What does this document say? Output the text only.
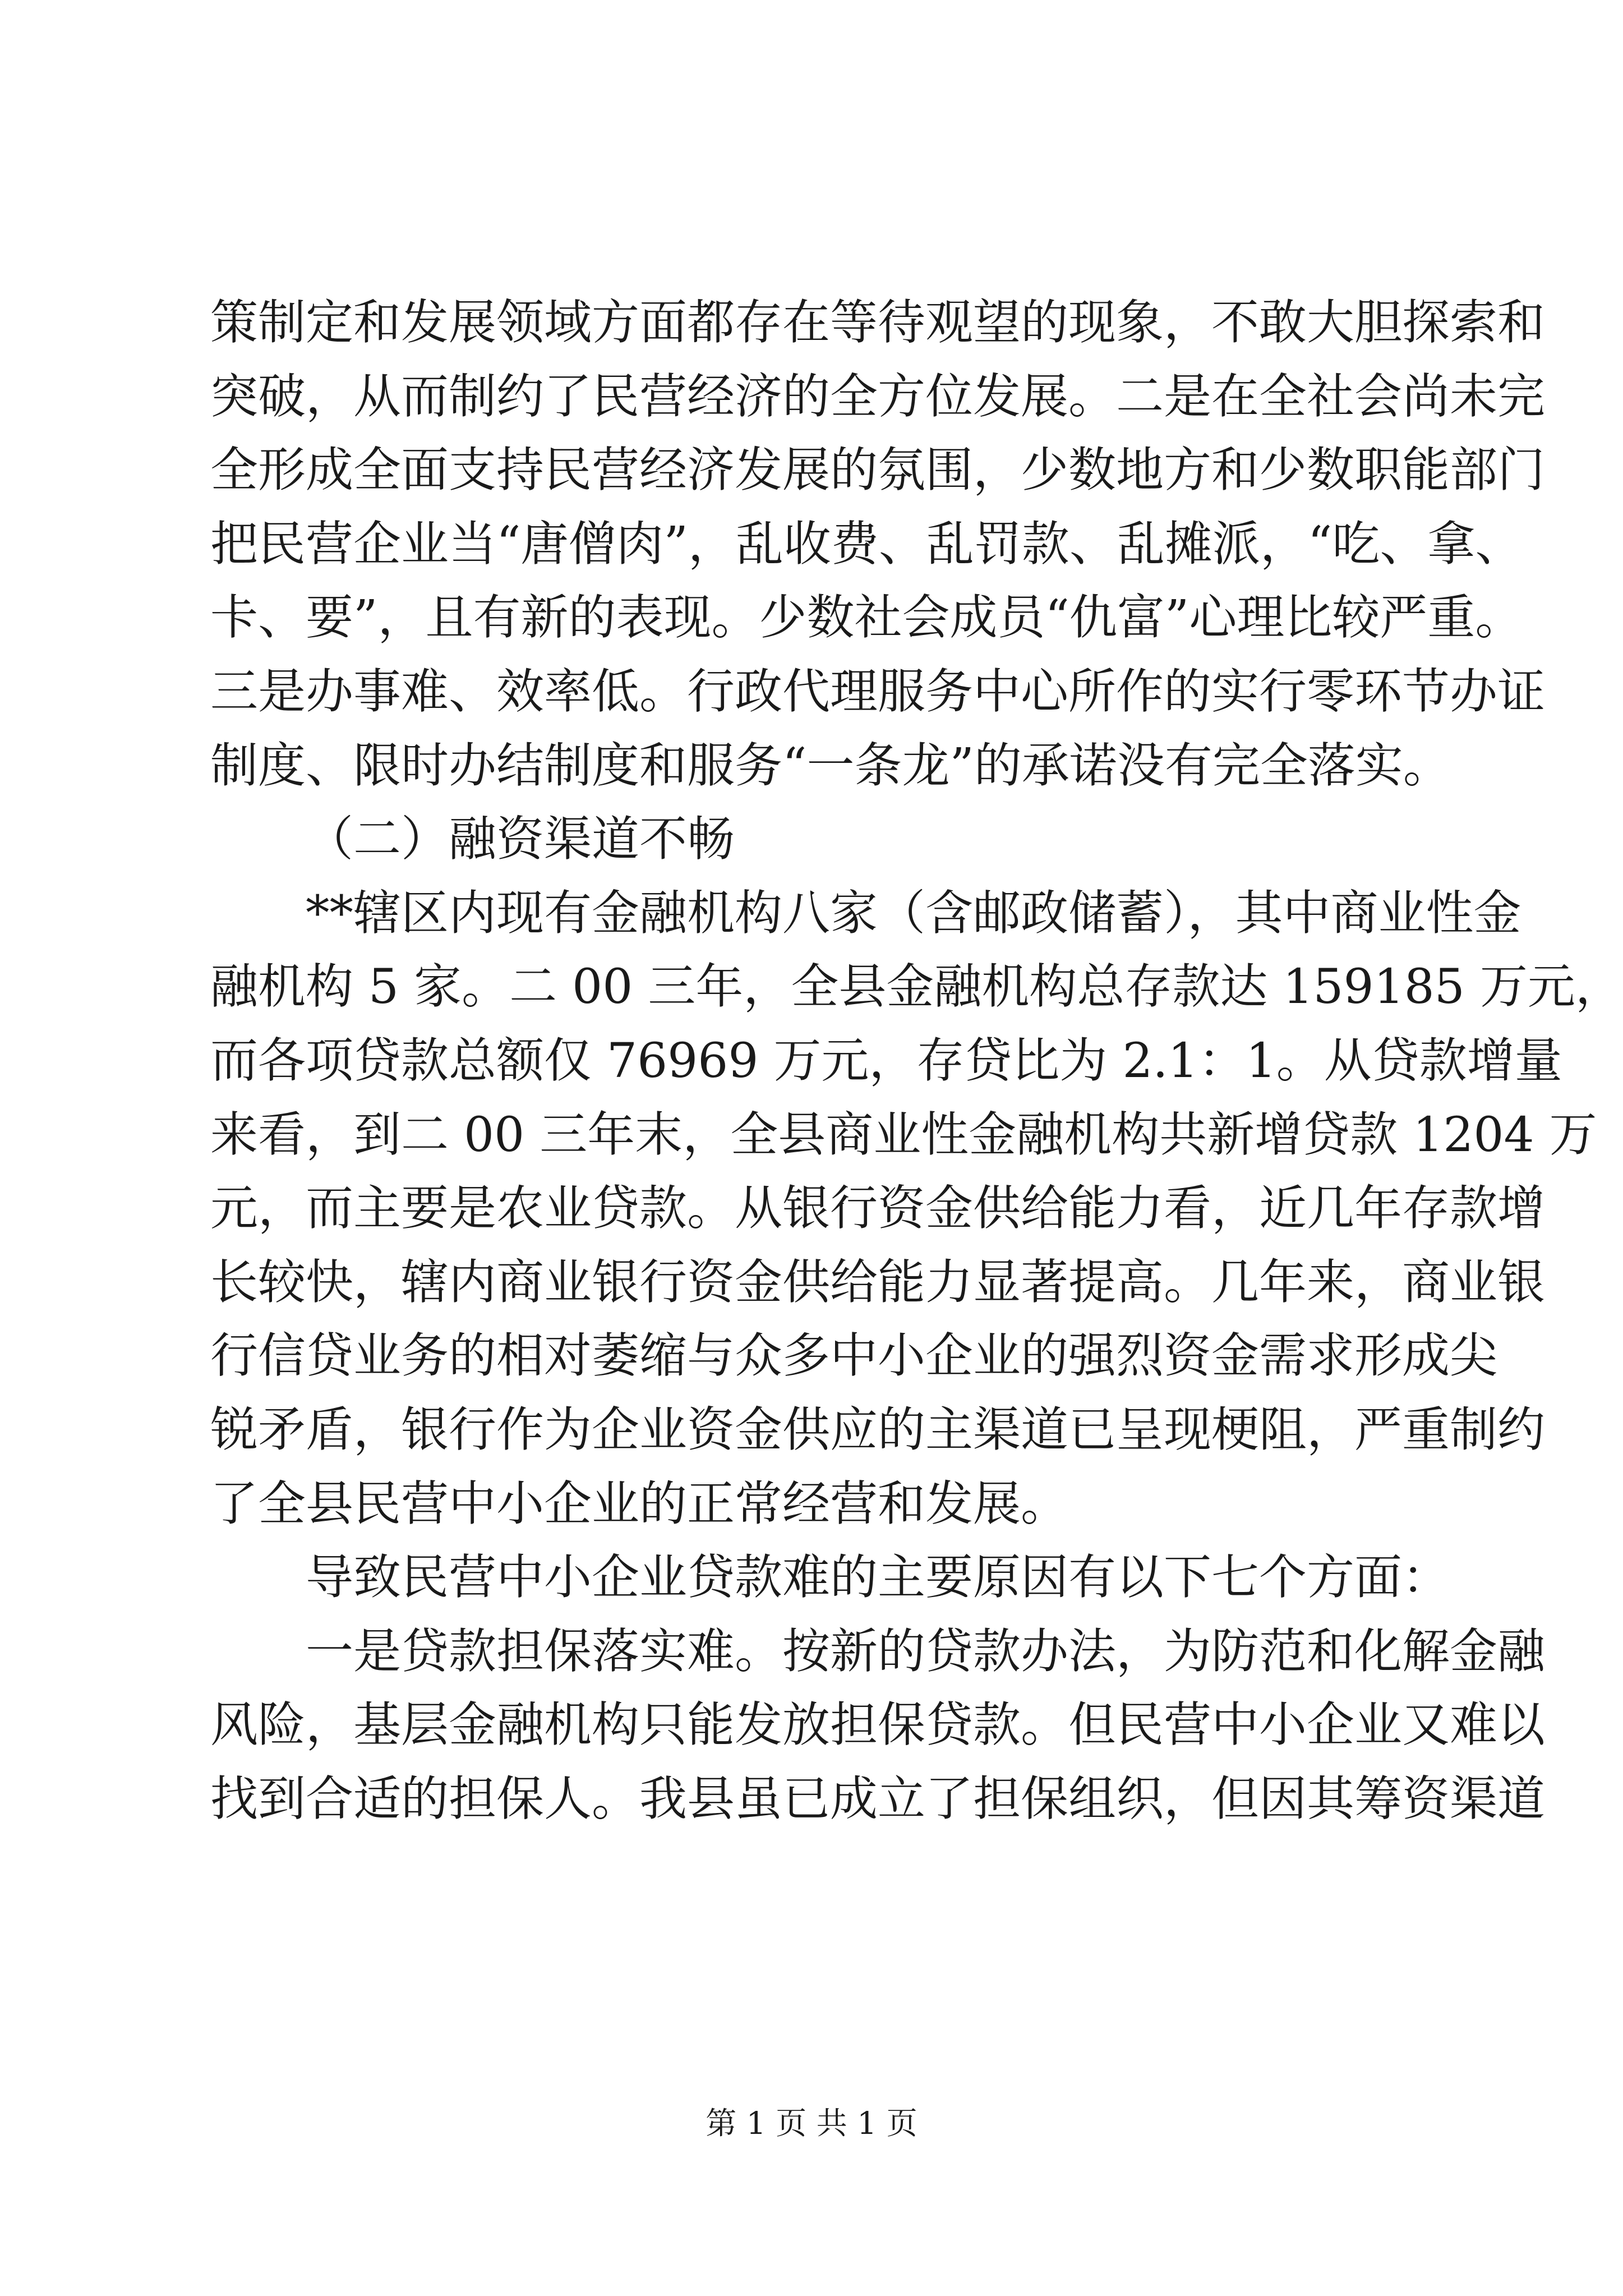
策制定和发展领域方面都存在等待观望的现象，不敢大胆探索和
突破，从而制约了民营经济的全方位发展。二是在全社会尚未完
全形成全面支持民营经济发展的氛围，少数地方和少数职能部门
把民营企业当“唐僧肉”，乱收费、乱罚款、乱摊派，“吃、拿、
卡、要”，且有新的表现。少数社会成员“仇富”心理比较严重。
三是办事难、效率低。行政代理服务中心所作的实行零环节办证
制度、限时办结制度和服务“一条龙”的承诺没有完全落实。
（二）融资渠道不畅
**辖区内现有金融机构八家（含邮政储蓄），其中商业性金
融机构 5 家。二 00 三年，全县金融机构总存款达 159185 万元，
而各项贷款总额仅 76969 万元，存贷比为 2.1：1。从贷款增量
来看，到二 00 三年末，全县商业性金融机构共新增贷款 1204 万
元，而主要是农业贷款。从银行资金供给能力看，近几年存款增
长较快，辖内商业银行资金供给能力显著提高。几年来，商业银
行信贷业务的相对萎缩与众多中小企业的强烈资金需求形成尖
锐矛盾，银行作为企业资金供应的主渠道已呈现梗阻，严重制约
了全县民营中小企业的正常经营和发展。
导致民营中小企业贷款难的主要原因有以下七个方面：
一是贷款担保落实难。按新的贷款办法，为防范和化解金融
风险，基层金融机构只能发放担保贷款。但民营中小企业又难以
找到合适的担保人。我县虽已成立了担保组织，但因其筹资渠道
第 1 页 共 1 页
